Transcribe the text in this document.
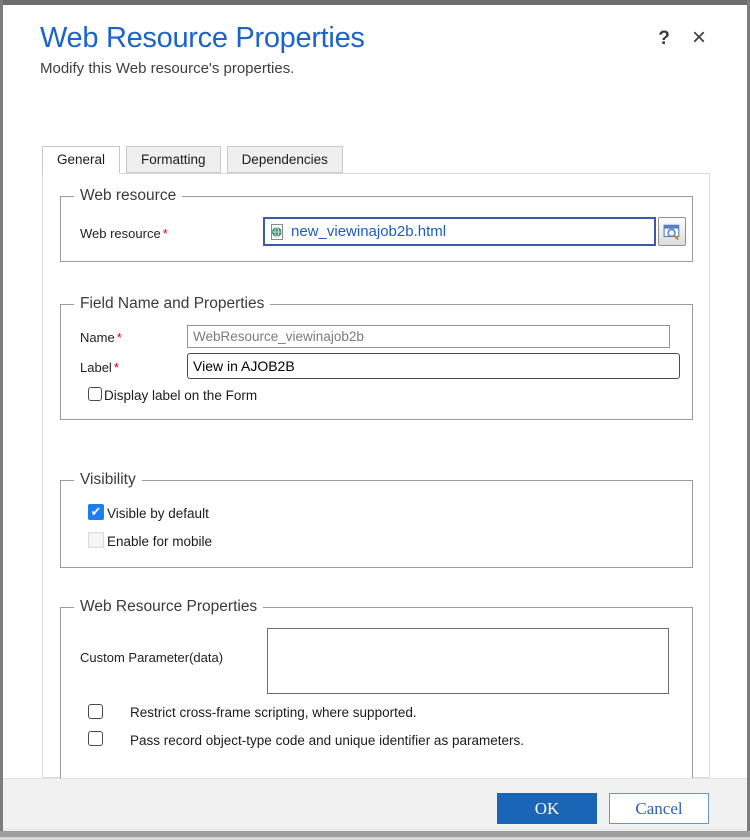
Web Resource Properties
Modify this Web resource's properties.
? ×
General	Formatting	Dependencies
Web resource
Web resource *	new_viewinajob2b.html
Field Name and Properties
Name *
WebResource_viewinajob2b
Label *
View in AJOB2B
Display label on the Form
Visibility
✔
Visible by default
Enable for mobile
Web Resource Properties
Custom Parameter(data)
Restrict cross-frame scripting, where supported.
Pass record object-type code and unique identifier as parameters.
OK	Cancel
